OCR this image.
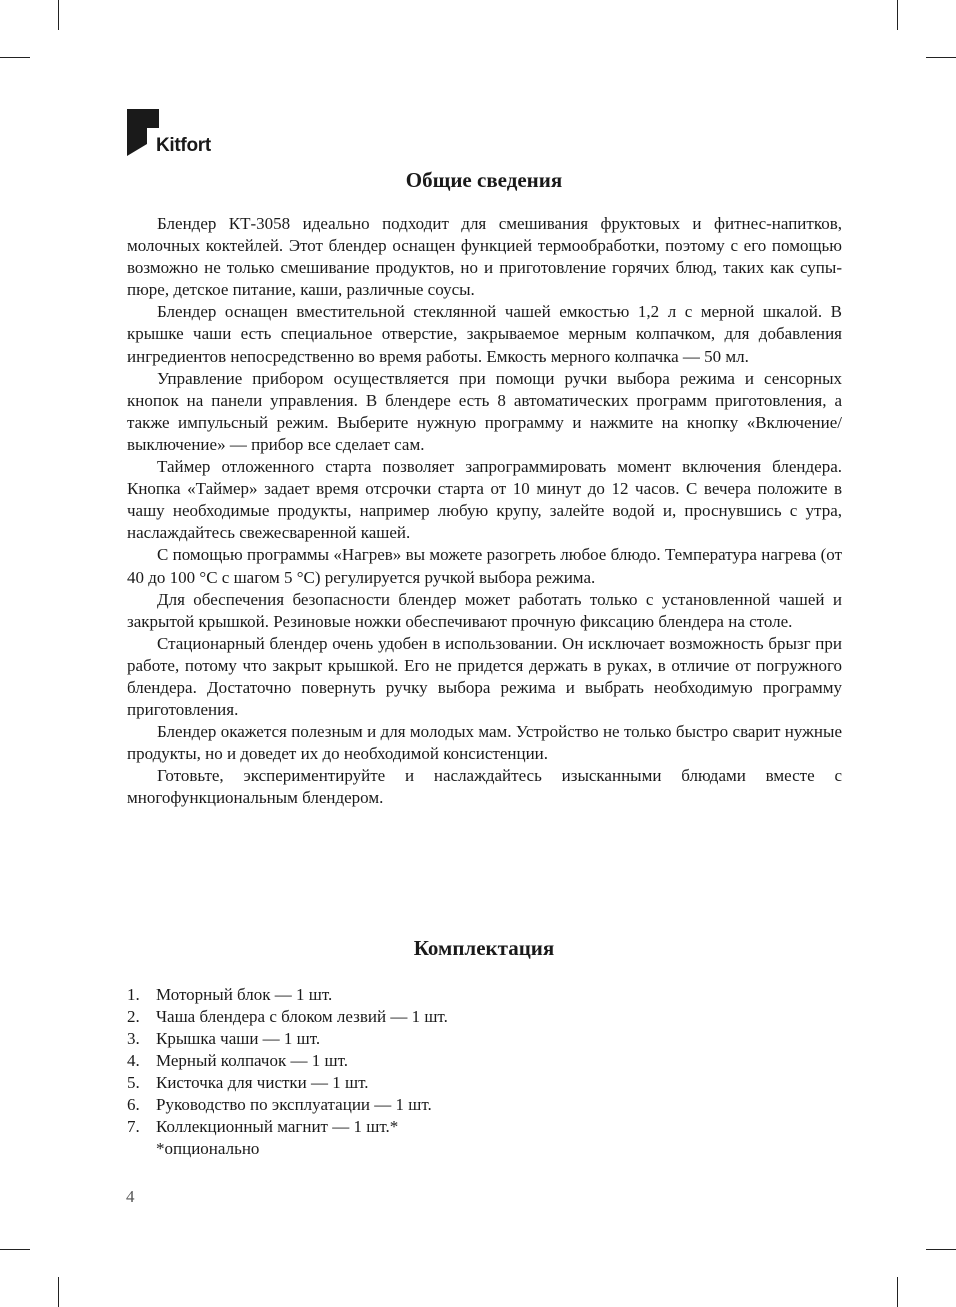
Kitfort
Общие сведения

Блендер КТ-3058 идеально подходит для смешивания фруктовых и фитнес-напитков, молочных коктейлей. Этот блендер оснащен функцией термообработки, поэтому с его помощью возможно не только смешивание продуктов, но и приготовление горячих блюд, таких как супы-пюре, детское питание, каши, различные соусы.

Блендер оснащен вместительной стеклянной чашей емкостью 1,2 л с мерной шкалой. В крышке чаши есть специальное отверстие, закрываемое мерным колпачком, для добавления ингредиентов непосредственно во время работы. Емкость мерного колпачка — 50 мл.

Управление прибором осуществляется при помощи ручки выбора режима и сенсорных кнопок на панели управления. В блендере есть 8 автоматических программ приготовления, а также импульсный режим. Выберите нужную программу и нажмите на кнопку «Включение/выключение» — прибор все сделает сам.

Таймер отложенного старта позволяет запрограммировать момент включения блендера. Кнопка «Таймер» задает время отсрочки старта от 10 минут до 12 часов. С вечера положите в чашу необходимые продукты, например любую крупу, залейте водой и, проснувшись с утра, наслаждайтесь свежесваренной кашей.

С помощью программы «Нагрев» вы можете разогреть любое блюдо. Температура нагрева (от 40 до 100 °С с шагом 5 °С) регулируется ручкой выбора режима.

Для обеспечения безопасности блендер может работать только с установленной чашей и закрытой крышкой. Резиновые ножки обеспечивают прочную фиксацию блендера на столе.

Стационарный блендер очень удобен в использовании. Он исключает возможность брызг при работе, потому что закрыт крышкой. Его не придется держать в руках, в отличие от погружного блендера. Достаточно повернуть ручку выбора режима и выбрать необходимую программу приготовления.

Блендер окажется полезным и для молодых мам. Устройство не только быстро сварит нужные продукты, но и доведет их до необходимой консистенции.

Готовьте, экспериментируйте и наслаждайтесь изысканными блюдами вместе с многофункциональным блендером.

Комплектация
1. Моторный блок — 1 шт.
2. Чаша блендера с блоком лезвий — 1 шт.
3. Крышка чаши — 1 шт.
4. Мерный колпачок — 1 шт.
5. Кисточка для чистки — 1 шт.
6. Руководство по эксплуатации — 1 шт.
7. Коллекционный магнит — 1 шт.*
*опционально
4
